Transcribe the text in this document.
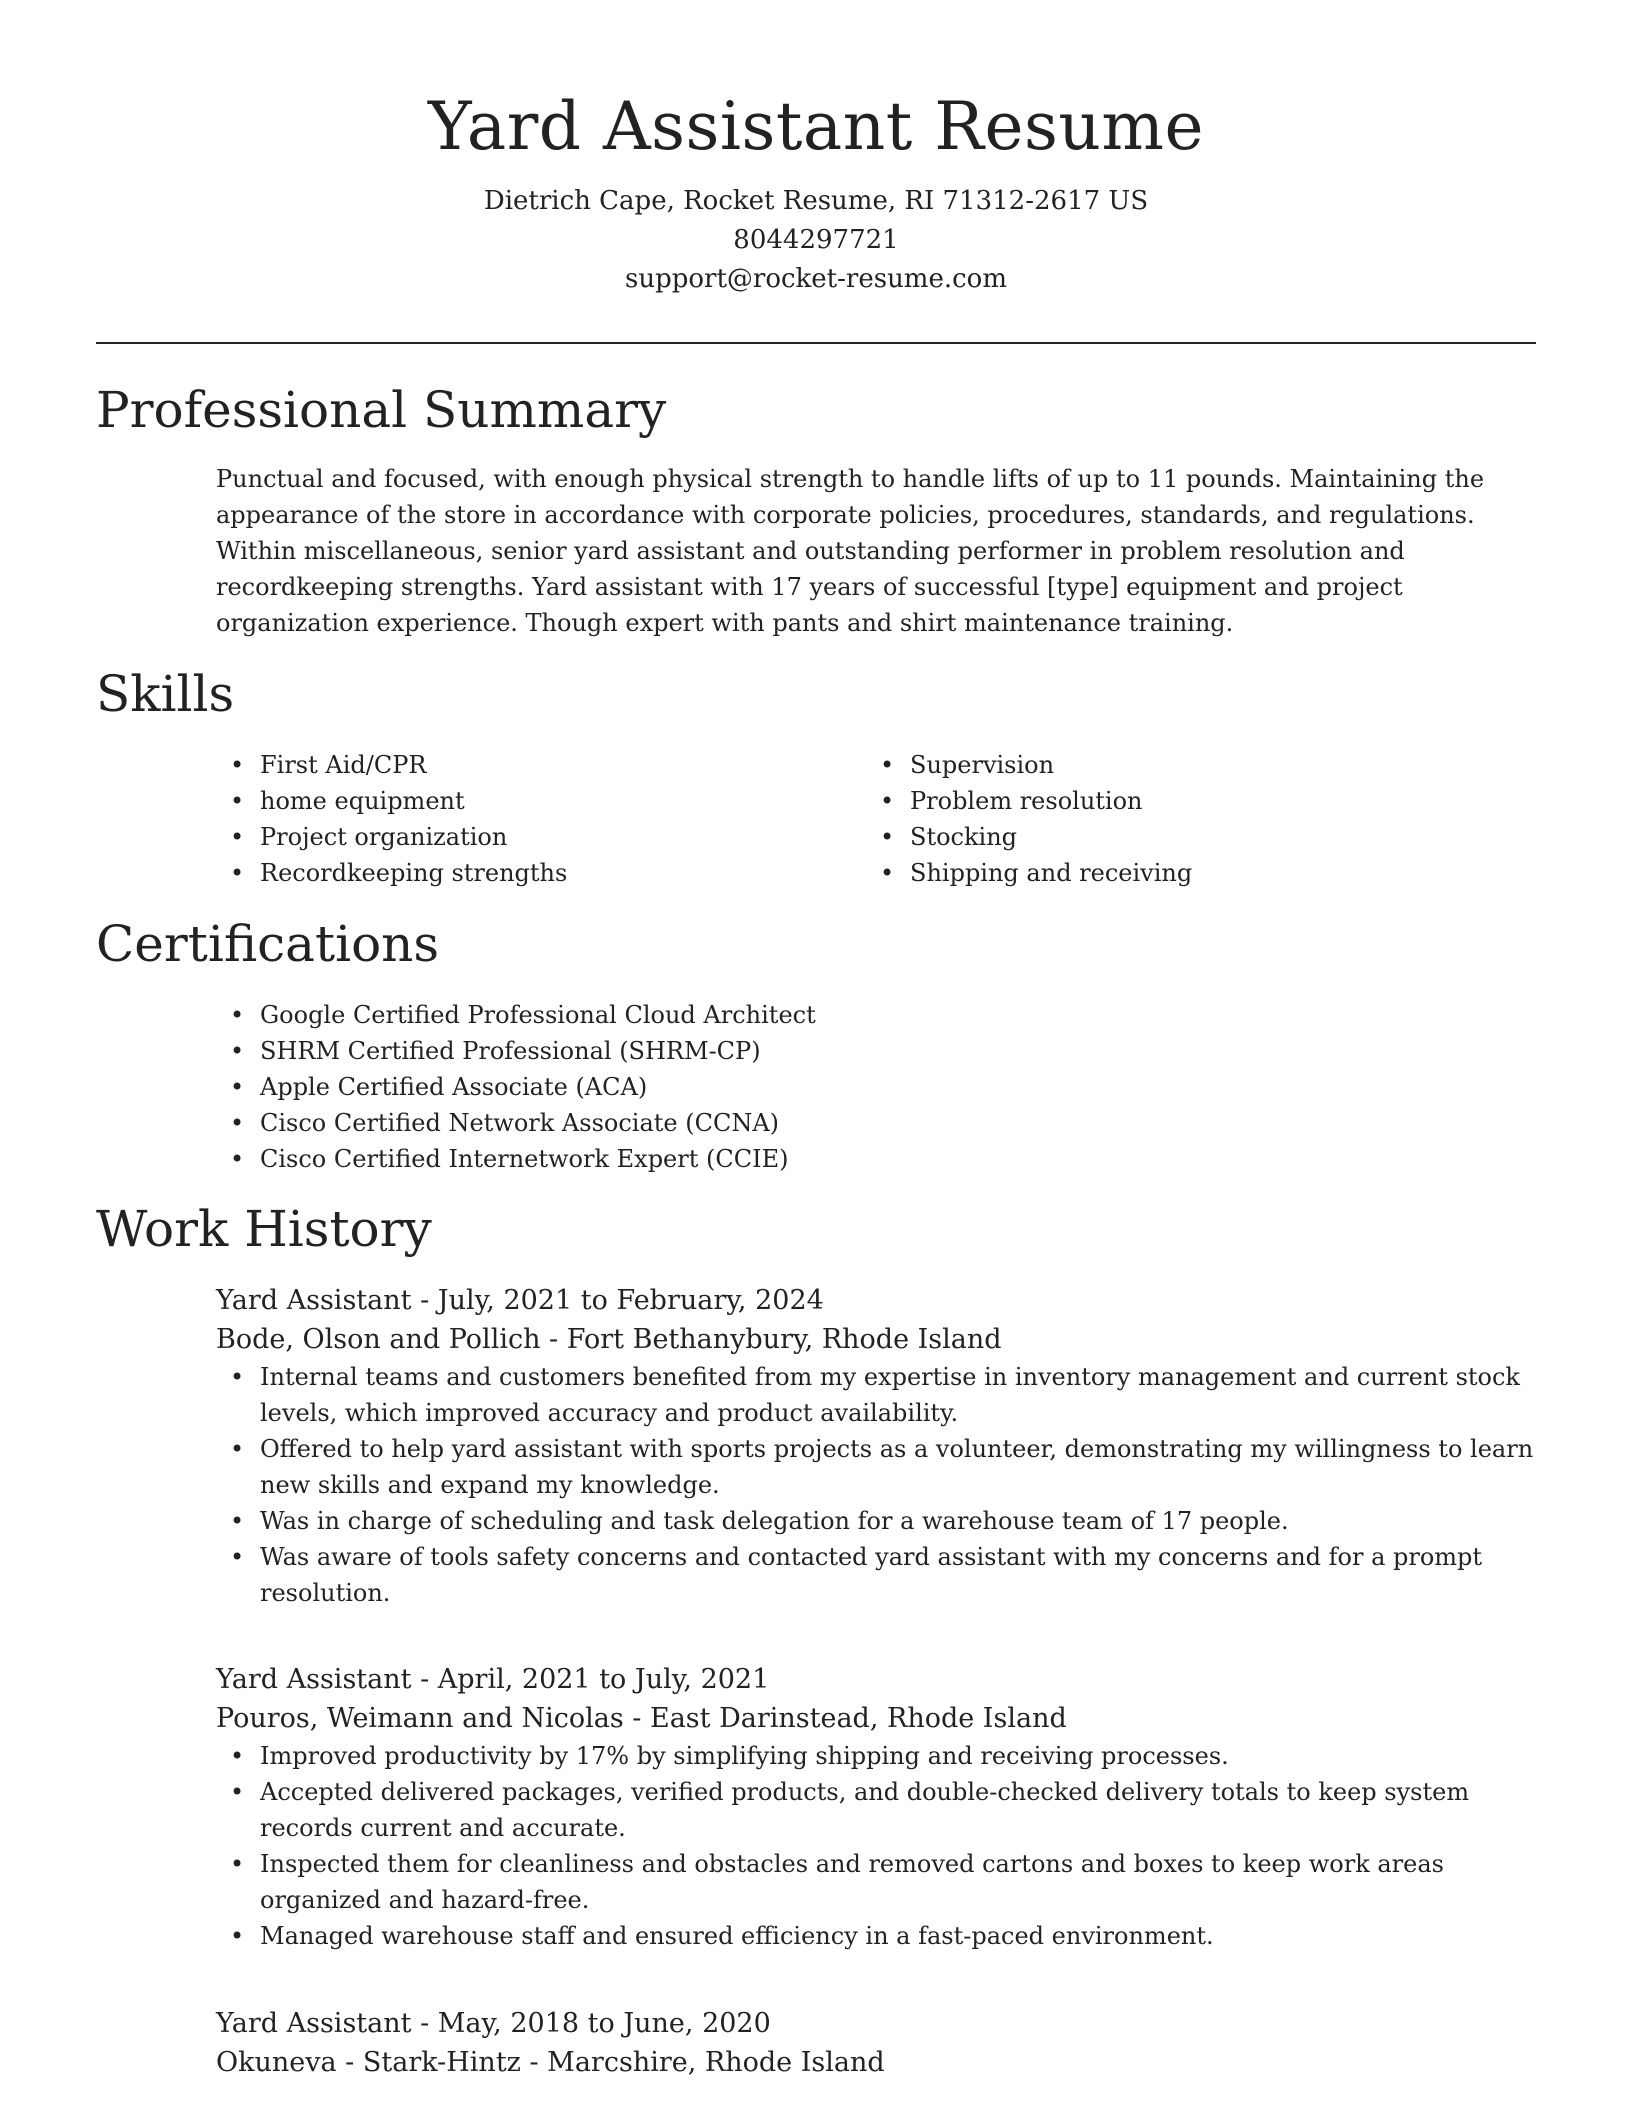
Yard Assistant Resume
Dietrich Cape, Rocket Resume, RI 71312-2617 US
8044297721
support@rocket-resume.com
Professional Summary

Punctual and focused, with enough physical strength to handle lifts of up to 11 pounds. Maintaining the appearance of the store in accordance with corporate policies, procedures, standards, and regulations. Within miscellaneous, senior yard assistant and outstanding performer in problem resolution and recordkeeping strengths. Yard assistant with 17 years of successful [type] equipment and project organization experience. Though expert with pants and shirt maintenance training.

Skills
• First Aid/CPR
• home equipment
• Project organization
• Recordkeeping strengths
• Supervision
• Problem resolution
• Stocking
• Shipping and receiving
Certifications
• Google Certified Professional Cloud Architect
• SHRM Certified Professional (SHRM-CP)
• Apple Certified Associate (ACA)
• Cisco Certified Network Associate (CCNA)
• Cisco Certified Internetwork Expert (CCIE)
Work History
Yard Assistant - July, 2021 to February, 2024
Bode, Olson and Pollich - Fort Bethanybury, Rhode Island
• Internal teams and customers benefited from my expertise in inventory management and current stock levels, which improved accuracy and product availability.
• Offered to help yard assistant with sports projects as a volunteer, demonstrating my willingness to learn new skills and expand my knowledge.
• Was in charge of scheduling and task delegation for a warehouse team of 17 people.
• Was aware of tools safety concerns and contacted yard assistant with my concerns and for a prompt resolution.
Yard Assistant - April, 2021 to July, 2021
Pouros, Weimann and Nicolas - East Darinstead, Rhode Island
• Improved productivity by 17% by simplifying shipping and receiving processes.
• Accepted delivered packages, verified products, and double-checked delivery totals to keep system records current and accurate.
• Inspected them for cleanliness and obstacles and removed cartons and boxes to keep work areas organized and hazard-free.
• Managed warehouse staff and ensured efficiency in a fast-paced environment.
Yard Assistant - May, 2018 to June, 2020
Okuneva - Stark-Hintz - Marcshire, Rhode Island
